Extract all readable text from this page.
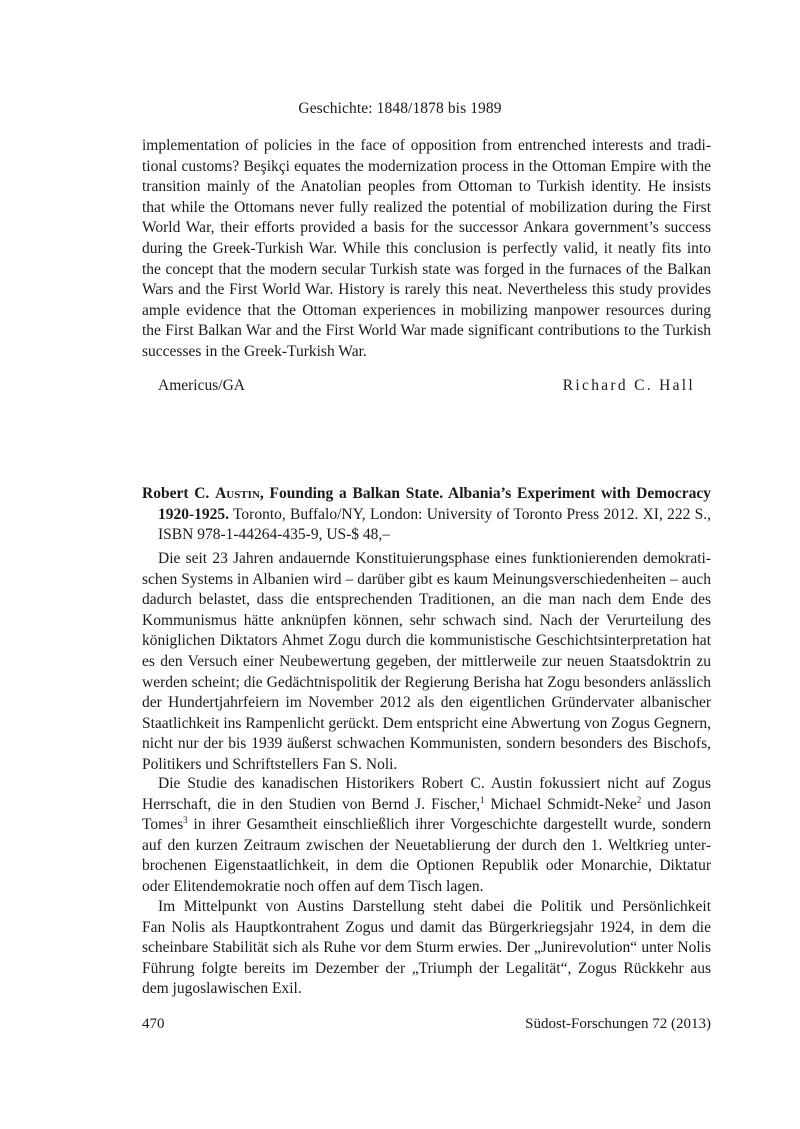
Geschichte: 1848/1878 bis 1989
implementation of policies in the face of opposition from entrenched interests and tradi-
tional customs? Beşikçi equates the modernization process in the Ottoman Empire with the
transition mainly of the Anatolian peoples from Ottoman to Turkish identity. He insists
that while the Ottomans never fully realized the potential of mobilization during the First
World War, their efforts provided a basis for the successor Ankara government’s success
during the Greek-Turkish War. While this conclusion is perfectly valid, it neatly fits into
the concept that the modern secular Turkish state was forged in the furnaces of the Balkan
Wars and the First World War. History is rarely this neat. Nevertheless this study provides
ample evidence that the Ottoman experiences in mobilizing manpower resources during
the First Balkan War and the First World War made significant contributions to the Turkish
successes in the Greek-Turkish War.
Americus/GA	Richard C. Hall
Robert C. Austin, Founding a Balkan State. Albania’s Experiment with Democracy
1920-1925. Toronto, Buffalo/NY, London: University of Toronto Press 2012. XI, 222 S.,
ISBN 978-1-44264-435-9, US-$ 48,–
Die seit 23 Jahren andauernde Konstituierungsphase eines funktionierenden demokrati-
schen Systems in Albanien wird – darüber gibt es kaum Meinungsverschiedenheiten – auch
dadurch belastet, dass die entsprechenden Traditionen, an die man nach dem Ende des
Kommunismus hätte anknüpfen können, sehr schwach sind. Nach der Verurteilung des
königlichen Diktators Ahmet Zogu durch die kommunistische Geschichtsinterpretation hat
es den Versuch einer Neubewertung gegeben, der mittlerweile zur neuen Staatsdoktrin zu
werden scheint; die Gedächtnispolitik der Regierung Berisha hat Zogu besonders anlässlich
der Hundertjahrfeiern im November 2012 als den eigentlichen Gründervater albanischer
Staatlichkeit ins Rampenlicht gerückt. Dem entspricht eine Abwertung von Zogus Gegnern,
nicht nur der bis 1939 äußerst schwachen Kommunisten, sondern besonders des Bischofs,
Politikers und Schriftstellers Fan S. Noli.
Die Studie des kanadischen Historikers Robert C. Austin fokussiert nicht auf Zogus
Herrschaft, die in den Studien von Bernd J. Fischer,$^1$ Michael Schmidt-Neke$^2$ und Jason
Tomes$^3$ in ihrer Gesamtheit einschließlich ihrer Vorgeschichte dargestellt wurde, sondern
auf den kurzen Zeitraum zwischen der Neuetablierung der durch den 1. Weltkrieg unter-
brochenen Eigenstaatlichkeit, in dem die Optionen Republik oder Monarchie, Diktatur
oder Elitendemokratie noch offen auf dem Tisch lagen.
Im Mittelpunkt von Austins Darstellung steht dabei die Politik und Persönlichkeit
Fan Nolis als Hauptkontrahent Zogus und damit das Bürgerkriegsjahr 1924, in dem die
scheinbare Stabilität sich als Ruhe vor dem Sturm erwies. Der „Junirevolution“ unter Nolis
Führung folgte bereits im Dezember der „Triumph der Legalität“, Zogus Rückkehr aus
dem jugoslawischen Exil.
470	Südost-Forschungen 72 (2013)
